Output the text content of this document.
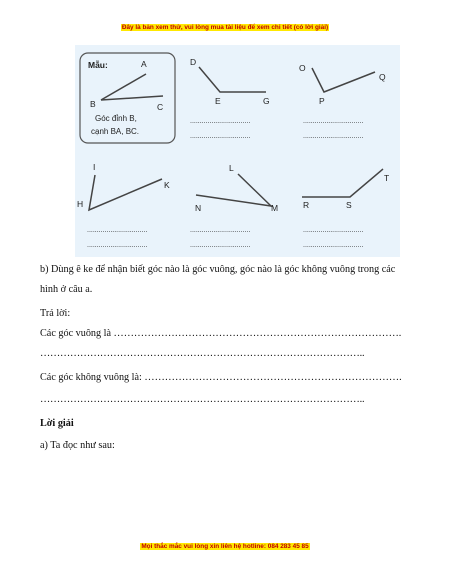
Đây là bản xem thử, vui lòng mua tài liệu để xem chi tiết (có lời giải)
Mẫu:	A
B	C
Góc đỉnh B,
cạnh BA, BC.
D
E	G
...............................
...............................
O
P
Q
...............................
...............................
I
H
K
...............................
...............................
L
N	M
...............................
...............................
R	S
T
...............................
...............................
b) Dùng ê ke để nhận biết góc nào là góc vuông, góc nào là góc không vuông trong các hình ở câu a.
Trả lời:
Các góc vuông là ………………………………………………………………………….
……………………………………………………………………………………..
Các góc không vuông là: ………………………………………………………………….
……………………………………………………………………………………..
Lời giải
a) Ta đọc như sau:
Mọi thắc mắc vui lòng xin liên hệ hotline: 084 283 45 85
